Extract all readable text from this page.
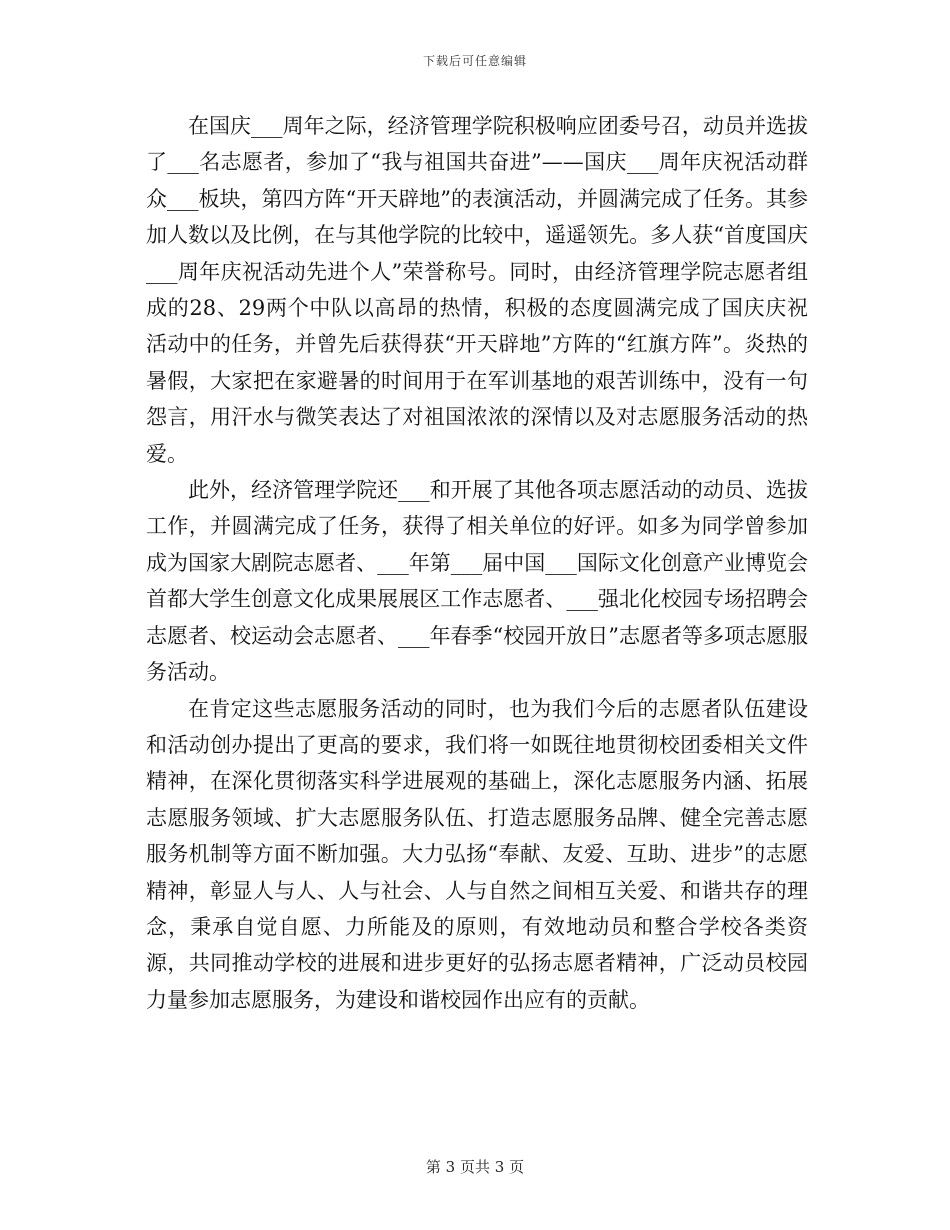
下载后可任意编辑

在国庆___周年之际，经济管理学院积极响应团委号召，动员并选拔了___名志愿者，参加了“我与祖国共奋进”——国庆___周年庆祝活动群众___板块，第四方阵“开天辟地”的表演活动，并圆满完成了任务。其参加人数以及比例，在与其他学院的比较中，遥遥领先。多人获“首度国庆___周年庆祝活动先进个人”荣誉称号。同时，由经济管理学院志愿者组成的28、29两个中队以高昂的热情，积极的态度圆满完成了国庆庆祝活动中的任务，并曾先后获得获“开天辟地”方阵的“红旗方阵”。炎热的暑假，大家把在家避暑的时间用于在军训基地的艰苦训练中，没有一句怨言，用汗水与微笑表达了对祖国浓浓的深情以及对志愿服务活动的热爱。

此外，经济管理学院还___和开展了其他各项志愿活动的动员、选拔工作，并圆满完成了任务，获得了相关单位的好评。如多为同学曾参加成为国家大剧院志愿者、___年第___届中国___国际文化创意产业博览会首都大学生创意文化成果展展区工作志愿者、___强北化校园专场招聘会志愿者、校运动会志愿者、___年春季“校园开放日”志愿者等多项志愿服务活动。

在肯定这些志愿服务活动的同时，也为我们今后的志愿者队伍建设和活动创办提出了更高的要求，我们将一如既往地贯彻校团委相关文件精神，在深化贯彻落实科学进展观的基础上，深化志愿服务内涵、拓展志愿服务领域、扩大志愿服务队伍、打造志愿服务品牌、健全完善志愿服务机制等方面不断加强。大力弘扬“奉献、友爱、互助、进步”的志愿精神，彰显人与人、人与社会、人与自然之间相互关爱、和谐共存的理念，秉承自觉自愿、力所能及的原则，有效地动员和整合学校各类资源，共同推动学校的进展和进步更好的弘扬志愿者精神，广泛动员校园力量参加志愿服务，为建设和谐校园作出应有的贡献。

第 3 页共 3 页
